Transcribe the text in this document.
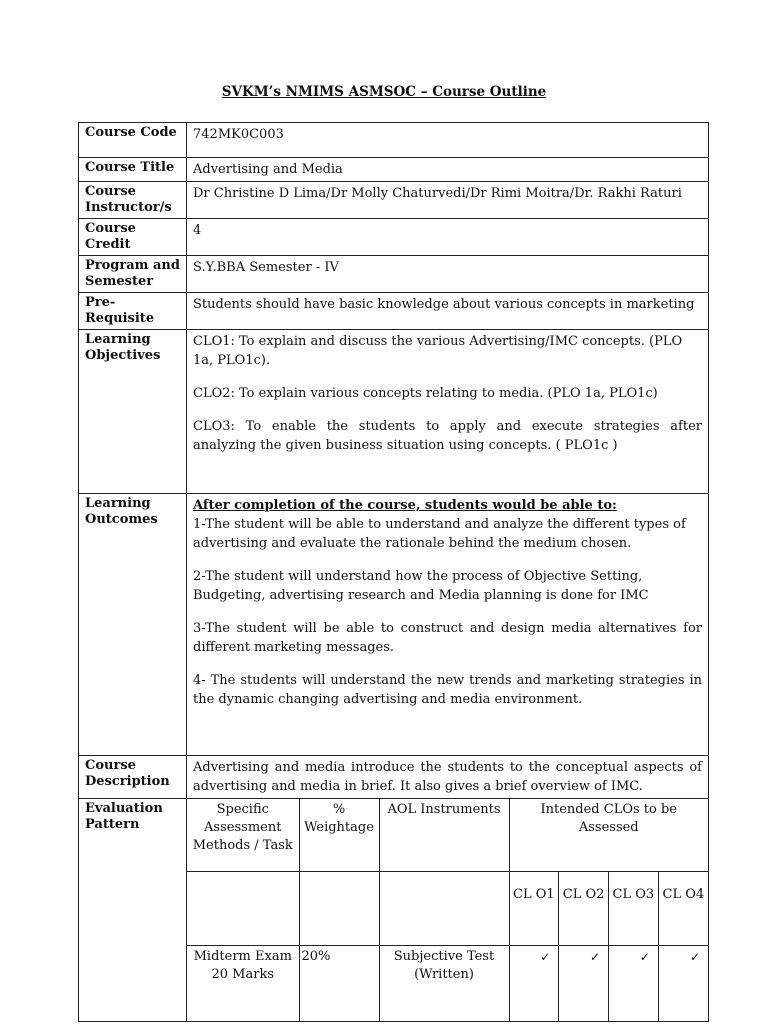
SVKM’s NMIMS ASMSOC – Course Outline
Course Code	742MK0C003
Course Title	Advertising and Media
Course Instructor/s	Dr Christine D Lima/Dr Molly Chaturvedi/Dr Rimi Moitra/Dr. Rakhi Raturi
Course Credit	4
Program and Semester	S.Y.BBA Semester - IV
Pre-Requisite	Students should have basic knowledge about various concepts in marketing
Learning Objectives	
CLO1: To explain and discuss the various Advertising/IMC concepts. (PLO 1a, PLO1c).
CLO2: To explain various concepts relating to media. (PLO 1a, PLO1c)
CLO3: To enable the students to apply and execute strategies after analyzing the given business situation using concepts. ( PLO1c )

Learning Outcomes	
After completion of the course, students would be able to:
1-The student will be able to understand and analyze the different types of advertising and evaluate the rationale behind the medium chosen.
2-The student will understand how the process of Objective Setting, Budgeting, advertising research and Media planning is done for IMC
3-The student will be able to construct and design media alternatives for different marketing messages.
4- The students will understand the new trends and marketing strategies in the dynamic changing advertising and media environment.

Course Description	Advertising and media introduce the students to the conceptual aspects of advertising and media in brief. It also gives a brief overview of IMC.
Evaluation Pattern	
Specific Assessment Methods / Task	% Weightage	AOL Instruments	Intended CLOs to be Assessed
			CL O1	CL O2	CL O3	CL O4
Midterm Exam 20 Marks	20%	Subjective Test (Written)	✓	✓	✓	✓
